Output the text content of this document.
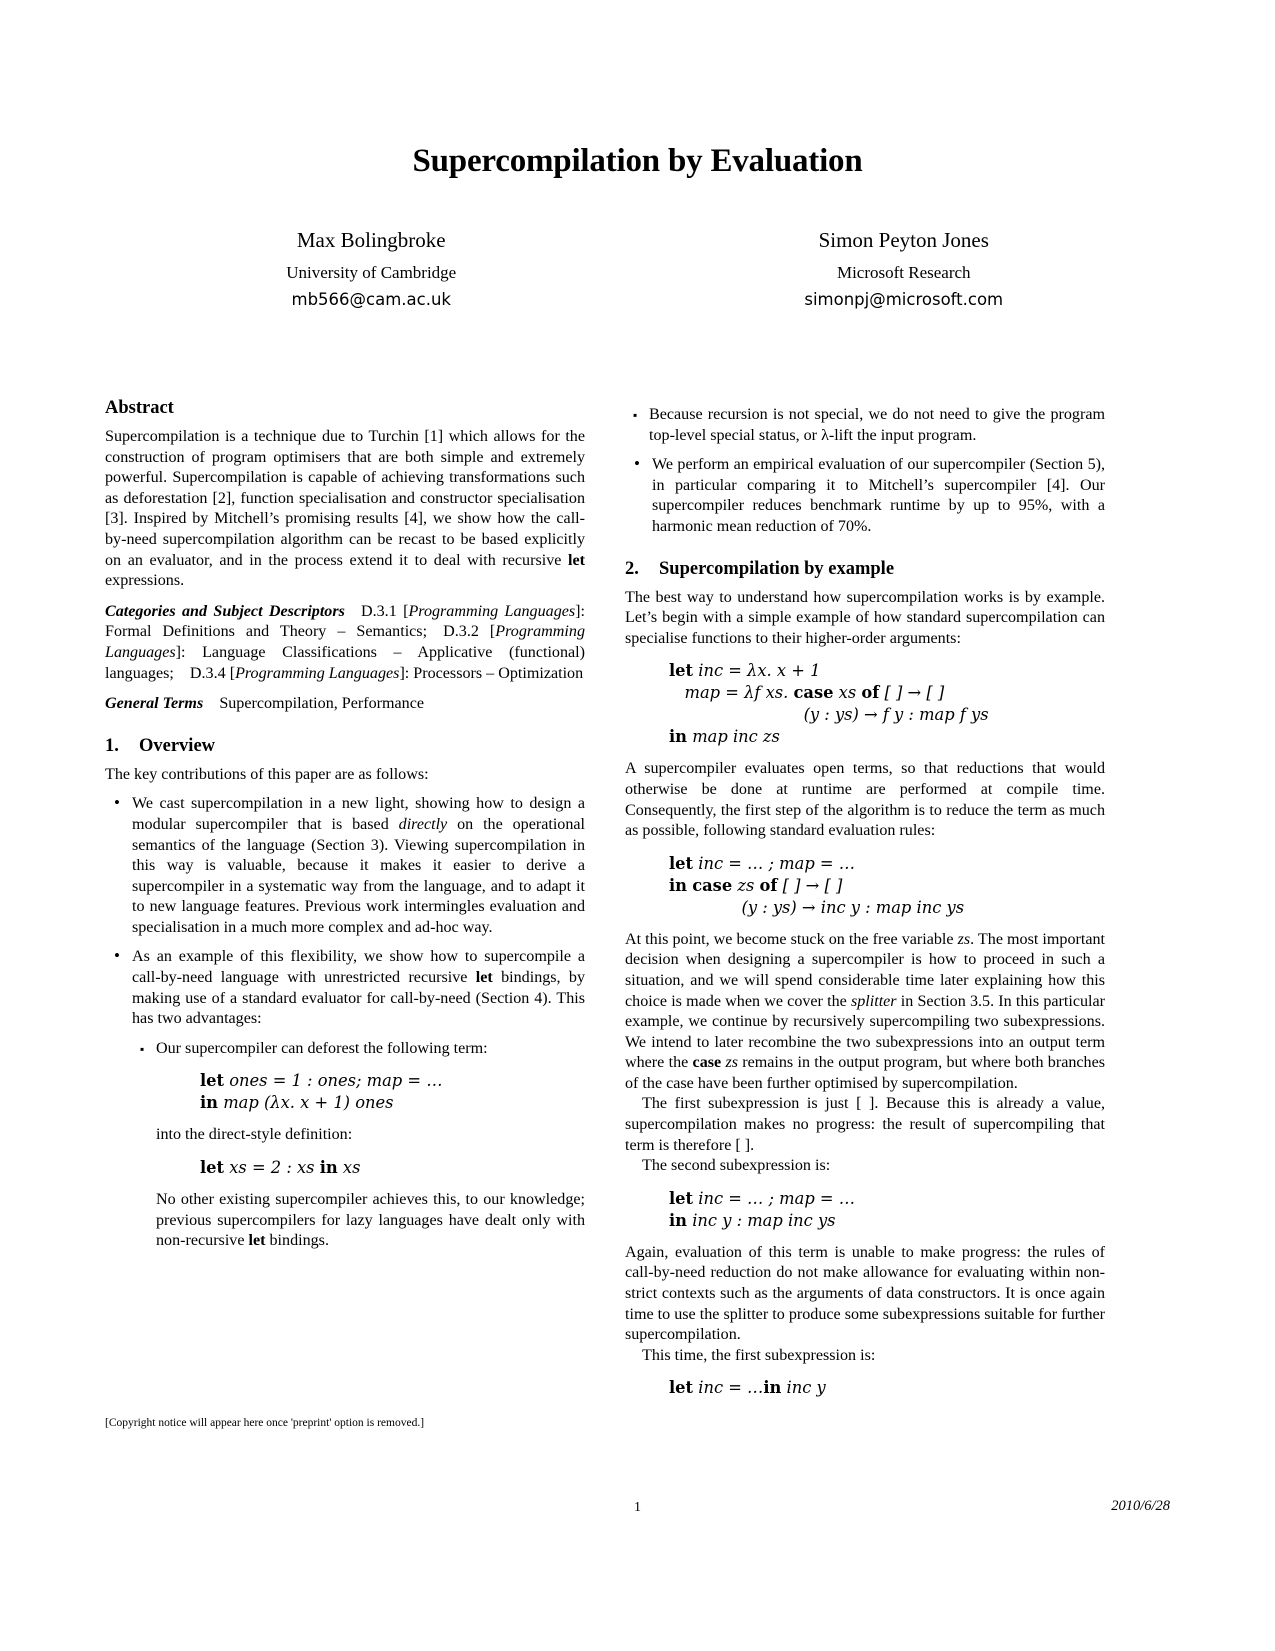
Supercompilation by Evaluation
Max Bolingbroke
University of Cambridge
mb566@cam.ac.uk
Simon Peyton Jones
Microsoft Research
simonpj@microsoft.com
Abstract

Supercompilation is a technique due to Turchin [1] which allows for the construction of program optimisers that are both simple and extremely powerful. Supercompilation is capable of achieving transformations such as deforestation [2], function specialisation and constructor specialisation [3]. Inspired by Mitchell’s promising results [4], we show how the call-by-need supercompilation algorithm can be recast to be based explicitly on an evaluator, and in the process extend it to deal with recursive let expressions.

Categories and Subject Descriptors  D.3.1 [Programming Languages]: Formal Definitions and Theory – Semantics; D.3.2 [Programming Languages]: Language Classifications – Applicative (functional) languages; D.3.4 [Programming Languages]: Processors – Optimization

General Terms  Supercompilation, Performance

1. Overview

The key contributions of this paper are as follows:

• We cast supercompilation in a new light, showing how to design a modular supercompiler that is based directly on the operational semantics of the language (Section 3). Viewing supercompilation in this way is valuable, because it makes it easier to derive a supercompiler in a systematic way from the language, and to adapt it to new language features. Previous work intermingles evaluation and specialisation in a much more complex and ad-hoc way.
• As an example of this flexibility, we show how to supercompile a call-by-need language with unrestricted recursive let bindings, by making use of a standard evaluator for call-by-need (Section 4). This has two advantages:
▪ Our supercompiler can deforest the following term:
let ones = 1 : ones; map = …
in map (λx. x + 1) ones
into the direct-style definition:
let xs = 2 : xs in xs
No other existing supercompiler achieves this, to our knowledge; previous supercompilers for lazy languages have dealt only with non-recursive let bindings.
▪ Because recursion is not special, we do not need to give the program top-level special status, or λ-lift the input program.
• We perform an empirical evaluation of our supercompiler (Section 5), in particular comparing it to Mitchell’s supercompiler [4]. Our supercompiler reduces benchmark runtime by up to 95%, with a harmonic mean reduction of 70%.
2. Supercompilation by example

The best way to understand how supercompilation works is by example. Let’s begin with a simple example of how standard supercompilation can specialise functions to their higher-order arguments:

let inc = λx. x + 1
map = λf xs. case xs of [ ] → [ ]
(y : ys) → f y : map f ys
in map inc zs

A supercompiler evaluates open terms, so that reductions that would otherwise be done at runtime are performed at compile time. Consequently, the first step of the algorithm is to reduce the term as much as possible, following standard evaluation rules:

let inc = … ; map = …
in case zs of [ ] → [ ]
(y : ys) → inc y : map inc ys

At this point, we become stuck on the free variable zs. The most important decision when designing a supercompiler is how to proceed in such a situation, and we will spend considerable time later explaining how this choice is made when we cover the splitter in Section 3.5. In this particular example, we continue by recursively supercompiling two subexpressions. We intend to later recombine the two subexpressions into an output term where the case zs remains in the output program, but where both branches of the case have been further optimised by supercompilation.

The first subexpression is just [ ]. Because this is already a value, supercompilation makes no progress: the result of supercompiling that term is therefore [ ].

The second subexpression is:

let inc = … ; map = …
in inc y : map inc ys

Again, evaluation of this term is unable to make progress: the rules of call-by-need reduction do not make allowance for evaluating within non-strict contexts such as the arguments of data constructors. It is once again time to use the splitter to produce some subexpressions suitable for further supercompilation.

This time, the first subexpression is:

let inc = …in inc y
[Copyright notice will appear here once 'preprint' option is removed.]
1	2010/6/28
